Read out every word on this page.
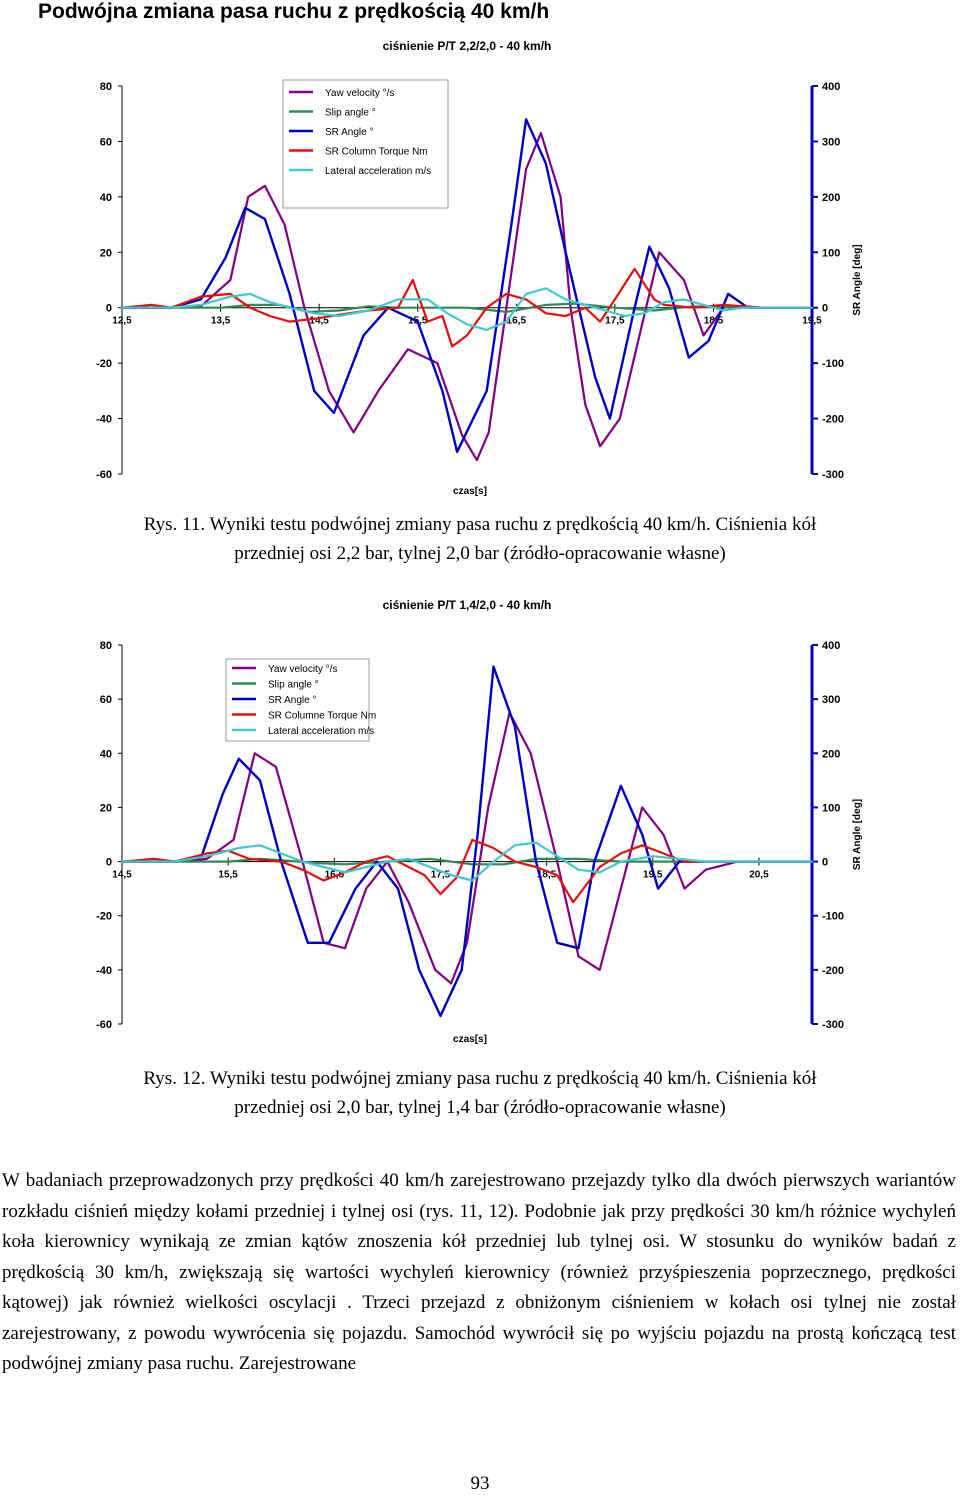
Podwójna zmiana pasa ruchu z prędkością 40 km/h
ciśnienie P/T 2,2/2,0 - 40 km/h
80
60
40
20
0
-20
-40
-60
400
300
200
100
0
-100
-200
-300
SR Angle [deg]
12,5	13,5	14,5	15,5	16,5	17,5	18,5	19,5
czas[s]
Yaw velocity °/s
Slip angle °
SR Angle °
SR Column Torque Nm
Lateral acceleration m/s

Rys. 11. Wyniki testu podwójnej zmiany pasa ruchu z prędkością 40 km/h. Ciśnienia kół
przedniej osi 2,2 bar, tylnej 2,0 bar (źródło-opracowanie własne)

ciśnienie P/T 1,4/2,0 - 40 km/h
80
60
40
20
0
-20
-40
-60
400
300
200
100
0
-100
-200
-300
SR Angle [deg]
14,5	15,5	16,5	17,5	18,5	19,5	20,5
czas[s]
Yaw velocity °/s
Slip angle °
SR Angle °
SR Columne Torque Nm
Lateral acceleration m/s

Rys. 12. Wyniki testu podwójnej zmiany pasa ruchu z prędkością 40 km/h. Ciśnienia kół
przedniej osi 2,0 bar, tylnej 1,4 bar (źródło-opracowanie własne)

W badaniach przeprowadzonych przy prędkości 40 km/h zarejestrowano przejazdy tylko dla dwóch pierwszych wariantów rozkładu ciśnień między kołami przedniej i tylnej osi (rys. 11, 12). Podobnie jak przy prędkości 30 km/h różnice wychyleń koła kierownicy wynikają ze zmian kątów znoszenia kół przedniej lub tylnej osi. W stosunku do wyników badań z prędkością 30 km/h, zwiększają się wartości wychyleń kierownicy (również przyśpieszenia poprzecznego, prędkości kątowej) jak również wielkości oscylacji . Trzeci przejazd z obniżonym ciśnieniem w kołach osi tylnej nie został zarejestrowany, z powodu wywrócenia się pojazdu. Samochód wywrócił się po wyjściu pojazdu na prostą kończącą test podwójnej zmiany pasa ruchu. Zarejestrowane

93
